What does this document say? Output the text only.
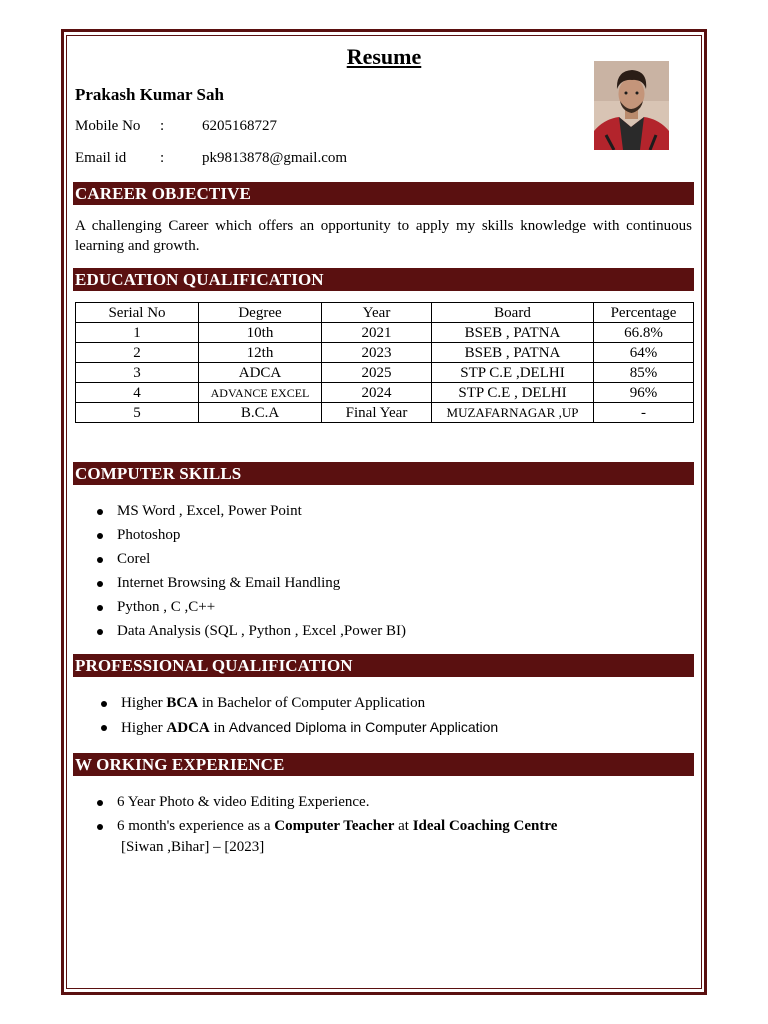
Resume
Prakash Kumar Sah
Mobile No :	6205168727
Email id :	pk9813878@gmail.com
CAREER OBJECTIVE
A challenging Career which offers an opportunity to apply my skills knowledge with continuous learning and growth.
EDUCATION QUALIFICATION
Serial No	Degree	Year	Board	Percentage
1	10th	2021	BSEB , PATNA	66.8%
2	12th	2023	BSEB , PATNA	64%
3	ADCA	2025	STP C.E ,DELHI	85%
4	ADVANCE EXCEL	2024	STP C.E , DELHI	96%
5	B.C.A	Final Year	MUZAFARNAGAR ,UP	-
COMPUTER SKILLS
MS Word , Excel, Power Point
Photoshop
Corel
Internet Browsing & Email Handling
Python , C ,C++
Data Analysis (SQL , Python , Excel ,Power BI)
PROFESSIONAL QUALIFICATION
Higher BCA in Bachelor of Computer Application
Higher ADCA in Advanced Diploma in Computer Application
W ORKING EXPERIENCE
6 Year Photo & video Editing Experience.
6 month's experience as a Computer Teacher at Ideal Coaching Centre
[Siwan ,Bihar] – [2023]
